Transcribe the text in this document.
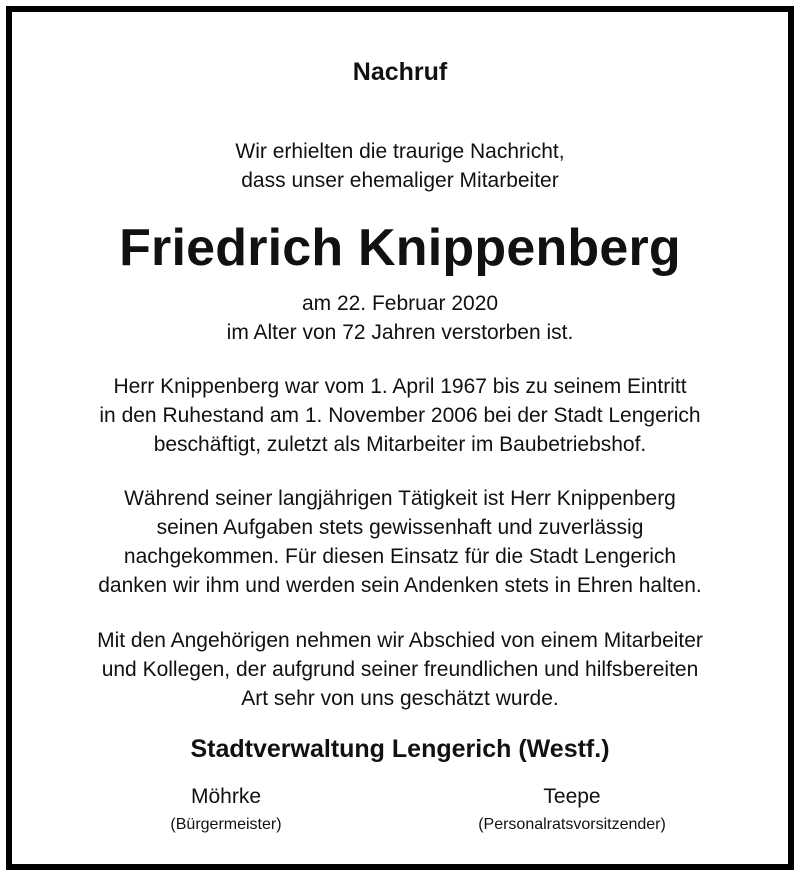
Nachruf
Wir erhielten die traurige Nachricht,
dass unser ehemaliger Mitarbeiter
Friedrich Knippenberg
am 22. Februar 2020
im Alter von 72 Jahren verstorben ist.
Herr Knippenberg war vom 1. April 1967 bis zu seinem Eintritt
in den Ruhestand am 1. November 2006 bei der Stadt Lengerich
beschäftigt, zuletzt als Mitarbeiter im Baubetriebshof.
Während seiner langjährigen Tätigkeit ist Herr Knippenberg
seinen Aufgaben stets gewissenhaft und zuverlässig
nachgekommen. Für diesen Einsatz für die Stadt Lengerich
danken wir ihm und werden sein Andenken stets in Ehren halten.
Mit den Angehörigen nehmen wir Abschied von einem Mitarbeiter
und Kollegen, der aufgrund seiner freundlichen und hilfsbereiten
Art sehr von uns geschätzt wurde.
Stadtverwaltung Lengerich (Westf.)
Möhrke
(Bürgermeister)
Teepe
(Personalratsvorsitzender)
